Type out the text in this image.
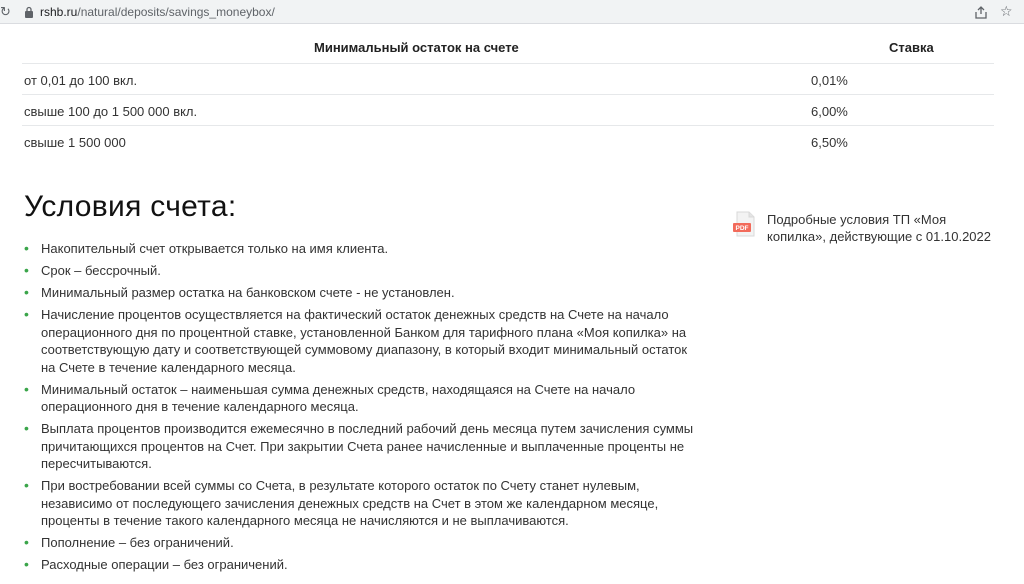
↻ rshb.ru/natural/deposits/savings_moneybox/	☆
Минимальный остаток на счете	Ставка
от 0,01 до 100 вкл.	0,01%
свыше 100 до 1 500 000 вкл.	6,00%
свыше 1 500 000	6,50%
Условия счета:
• Накопительный счет открывается только на имя клиента.
• Срок – бессрочный.
• Минимальный размер остатка на банковском счете - не установлен.
• Начисление процентов осуществляется на фактический остаток денежных средств на Счете на начало операционного дня по процентной ставке, установленной Банком для тарифного плана «Моя копилка» на соответствующую дату и соответствующей суммовому диапазону, в который входит минимальный остаток на Счете в течение календарного месяца.
• Минимальный остаток – наименьшая сумма денежных средств, находящаяся на Счете на начало операционного дня в течение календарного месяца.
• Выплата процентов производится ежемесячно в последний рабочий день месяца путем зачисления суммы причитающихся процентов на Счет. При закрытии Счета ранее начисленные и выплаченные проценты не пересчитываются.
• При востребовании всей суммы со Счета, в результате которого остаток по Счету станет нулевым, независимо от последующего зачисления денежных средств на Счет в этом же календарном месяце, проценты в течение такого календарного месяца не начисляются и не выплачиваются.
• Пополнение – без ограничений.
• Расходные операции – без ограничений.
PDF
Подробные условия ТП «Моя копилка», действующие с 01.10.2022
